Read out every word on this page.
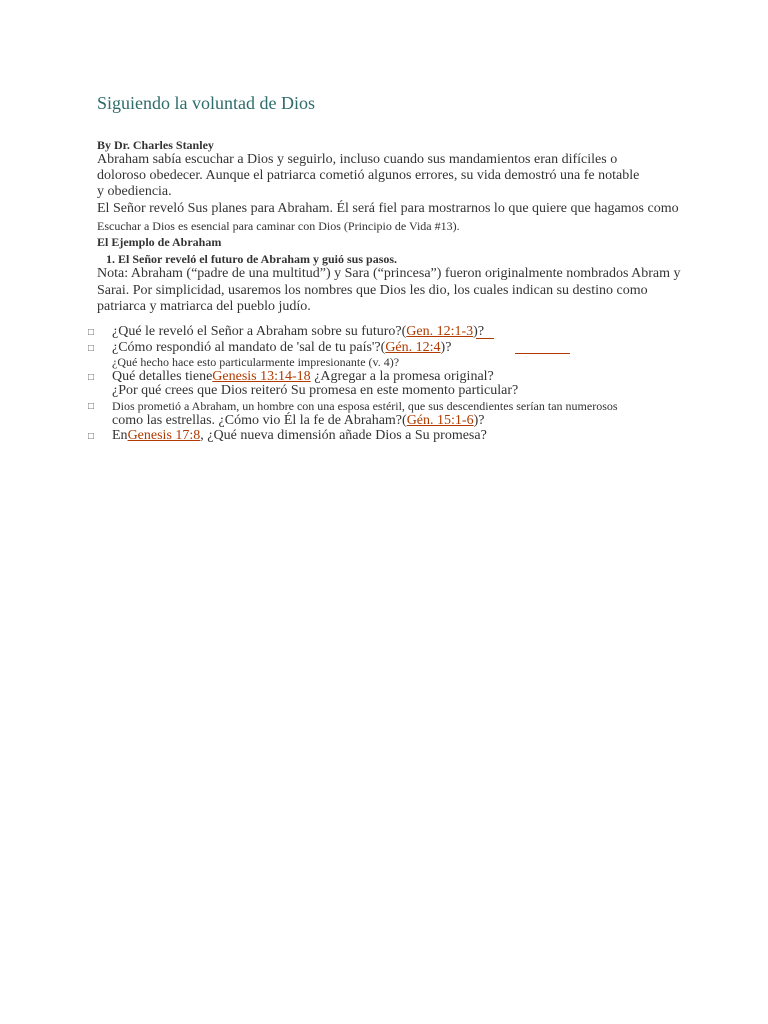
Siguiendo la voluntad de Dios
By Dr. Charles Stanley
Abraham sabía escuchar a Dios y seguirlo, incluso cuando sus mandamientos eran difíciles o
doloroso obedecer. Aunque el patriarca cometió algunos errores, su vida demostró una fe notable
y obediencia.
El Señor reveló Sus planes para Abraham. Él será fiel para mostrarnos lo que quiere que hagamos como
Escuchar a Dios es esencial para caminar con Dios (Principio de Vida #13).
El Ejemplo de Abraham
1. El Señor reveló el futuro de Abraham y guió sus pasos.
Nota: Abraham (“padre de una multitud”) y Sara (“princesa”) fueron originalmente nombrados Abram y
Sarai. Por simplicidad, usaremos los nombres que Dios les dio, los cuales indican su destino como
patriarca y matriarca del pueblo judío.
□ ¿Qué le reveló el Señor a Abraham sobre su futuro?(Gen. 12:1-3)?
□ ¿Cómo respondió al mandato de 'sal de tu país'?(Gén. 12:4)?
¿Qué hecho hace esto particularmente impresionante (v. 4)?
□ Qué detalles tieneGenesis 13:14-18 ¿Agregar a la promesa original?
¿Por qué crees que Dios reiteró Su promesa en este momento particular?
□ Dios prometió a Abraham, un hombre con una esposa estéril, que sus descendientes serían tan numerosos
como las estrellas. ¿Cómo vio Él la fe de Abraham?(Gén. 15:1-6)?
□ EnGenesis 17:8, ¿Qué nueva dimensión añade Dios a Su promesa?
